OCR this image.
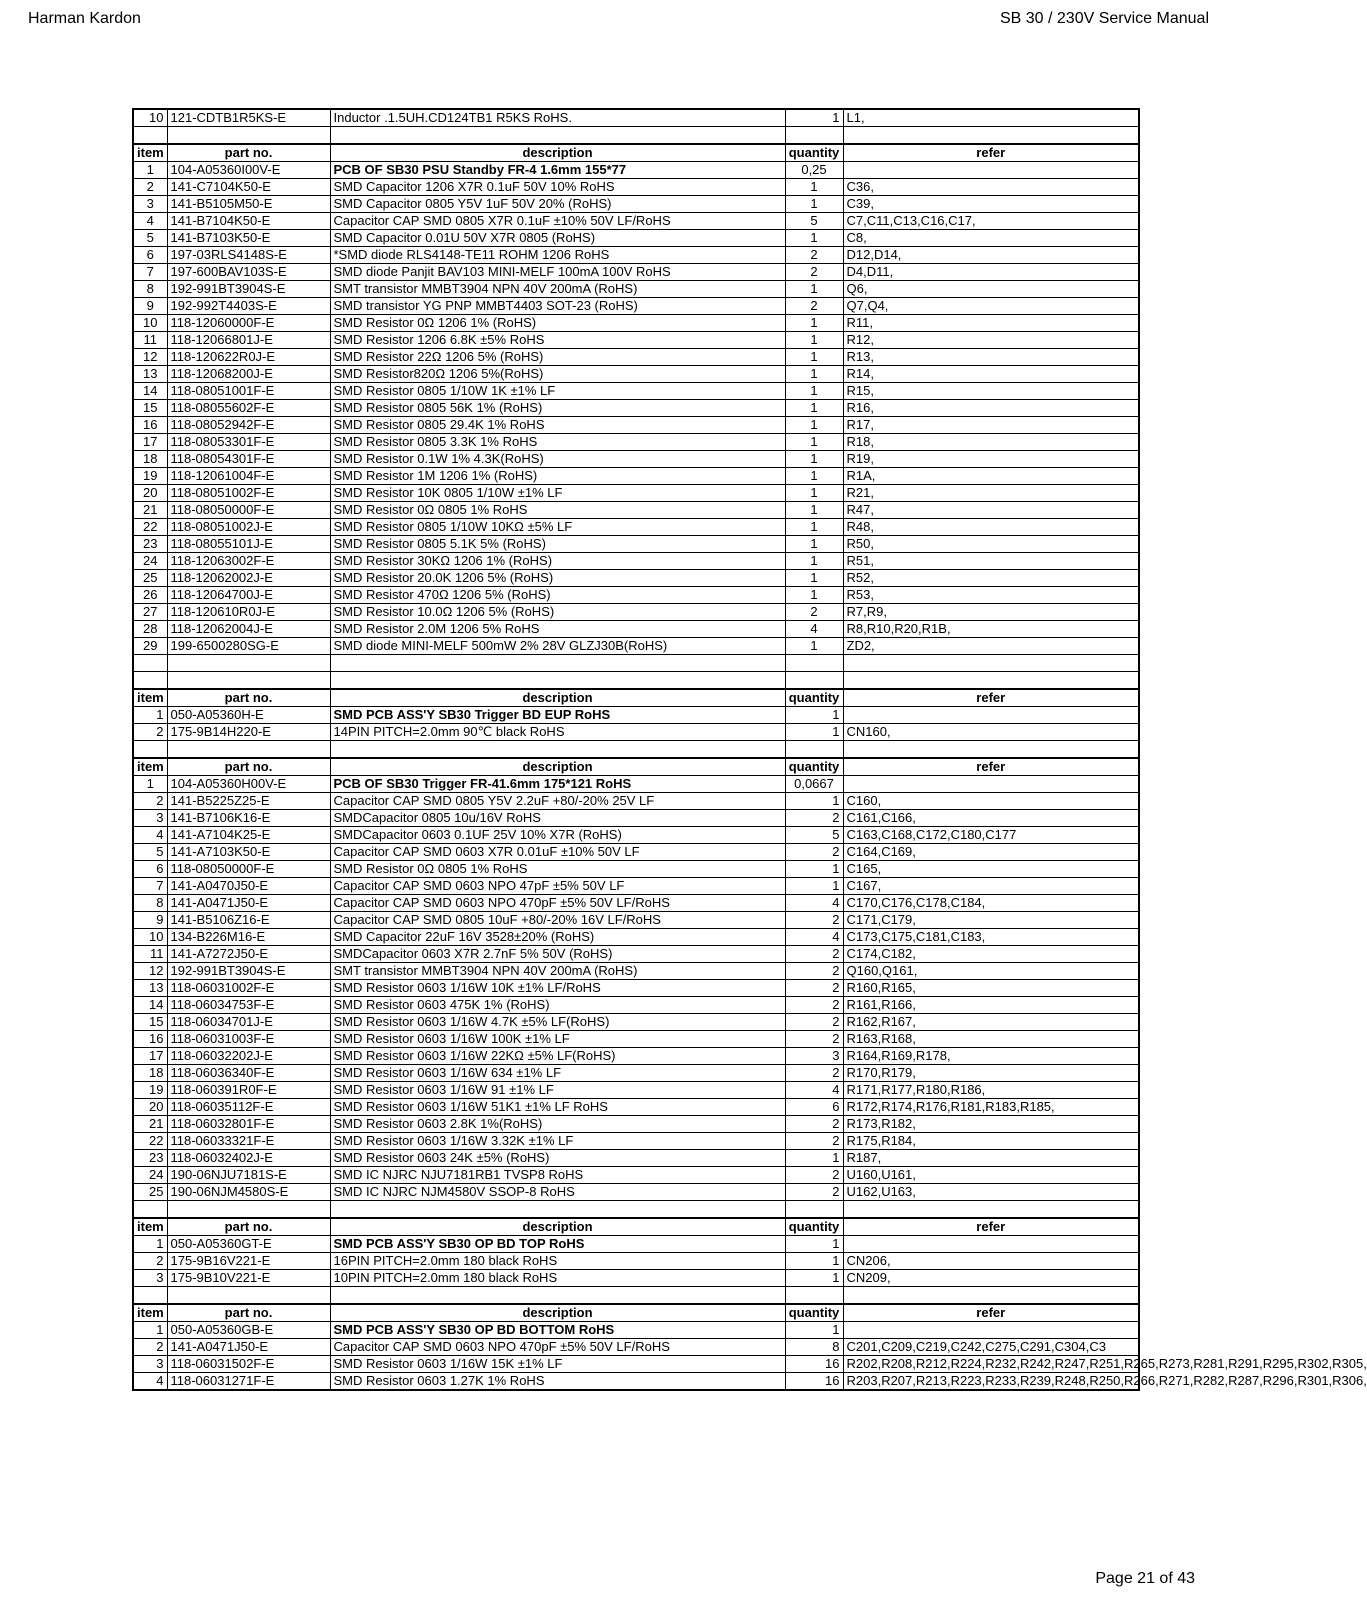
Harman Kardon	SB 30 / 230V Service Manual
10	121-CDTB1R5KS-E	Inductor .1.5UH.CD124TB1 R5KS RoHS.	1	L1,

item	part no.	description	quantity	refer
1	104-A05360I00V-E	PCB OF SB30 PSU Standby FR-4 1.6mm 155*77	0,25	
2	141-C7104K50-E	SMD Capacitor 1206 X7R 0.1uF 50V 10% RoHS	1	C36,
3	141-B5105M50-E	SMD Capacitor 0805 Y5V 1uF 50V 20% (RoHS)	1	C39,
4	141-B7104K50-E	Capacitor CAP SMD 0805 X7R 0.1uF ±10% 50V LF/RoHS	5	C7,C11,C13,C16,C17,
5	141-B7103K50-E	SMD Capacitor 0.01U 50V X7R 0805 (RoHS)	1	C8,
6	197-03RLS4148S-E	*SMD diode RLS4148-TE11 ROHM 1206 RoHS	2	D12,D14,
7	197-600BAV103S-E	SMD diode Panjit BAV103 MINI-MELF 100mA 100V RoHS	2	D4,D11,
8	192-991BT3904S-E	SMT transistor MMBT3904 NPN 40V 200mA (RoHS)	1	Q6,
9	192-992T4403S-E	SMD transistor YG PNP MMBT4403 SOT-23 (RoHS)	2	Q7,Q4,
10	118-12060000F-E	SMD Resistor 0Ω 1206 1% (RoHS)	1	R11,
11	118-12066801J-E	SMD Resistor 1206 6.8K ±5% RoHS	1	R12,
12	118-120622R0J-E	SMD Resistor 22Ω 1206 5% (RoHS)	1	R13,
13	118-12068200J-E	SMD Resistor820Ω 1206 5%(RoHS)	1	R14,
14	118-08051001F-E	SMD Resistor 0805 1/10W 1K ±1% LF	1	R15,
15	118-08055602F-E	SMD Resistor 0805 56K 1% (RoHS)	1	R16,
16	118-08052942F-E	SMD Resistor 0805 29.4K 1% RoHS	1	R17,
17	118-08053301F-E	SMD Resistor 0805 3.3K 1% RoHS	1	R18,
18	118-08054301F-E	SMD Resistor 0.1W 1% 4.3K(RoHS)	1	R19,
19	118-12061004F-E	SMD Resistor 1M 1206 1% (RoHS)	1	R1A,
20	118-08051002F-E	SMD Resistor 10K 0805 1/10W ±1% LF	1	R21,
21	118-08050000F-E	SMD Resistor 0Ω 0805 1% RoHS	1	R47,
22	118-08051002J-E	SMD Resistor 0805 1/10W 10KΩ ±5% LF	1	R48,
23	118-08055101J-E	SMD Resistor 0805 5.1K 5% (RoHS)	1	R50,
24	118-12063002F-E	SMD Resistor 30KΩ 1206 1% (RoHS)	1	R51,
25	118-12062002J-E	SMD Resistor 20.0K 1206 5% (RoHS)	1	R52,
26	118-12064700J-E	SMD Resistor 470Ω 1206 5% (RoHS)	1	R53,
27	118-120610R0J-E	SMD Resistor 10.0Ω 1206 5% (RoHS)	2	R7,R9,
28	118-12062004J-E	SMD Resistor 2.0M 1206 5% RoHS	4	R8,R10,R20,R1B,
29	199-6500280SG-E	SMD diode MINI-MELF 500mW 2% 28V GLZJ30B(RoHS)	1	ZD2,

item	part no.	description	quantity	refer
1	050-A05360H-E	SMD PCB ASS'Y SB30 Trigger BD EUP RoHS	1	
2	175-9B14H220-E	14PIN PITCH=2.0mm 90℃ black RoHS	1	CN160,

item	part no.	description	quantity	refer
1	104-A05360H00V-E	PCB OF SB30 Trigger FR-41.6mm 175*121 RoHS	0,0667	
2	141-B5225Z25-E	Capacitor CAP SMD 0805 Y5V 2.2uF +80/-20% 25V LF	1	C160,
3	141-B7106K16-E	SMDCapacitor 0805 10u/16V RoHS	2	C161,C166,
4	141-A7104K25-E	SMDCapacitor 0603 0.1UF 25V 10% X7R (RoHS)	5	C163,C168,C172,C180,C177
5	141-A7103K50-E	Capacitor CAP SMD 0603 X7R 0.01uF ±10% 50V LF	2	C164,C169,
6	118-08050000F-E	SMD Resistor 0Ω 0805 1% RoHS	1	C165,
7	141-A0470J50-E	Capacitor CAP SMD 0603 NPO 47pF ±5% 50V LF	1	C167,
8	141-A0471J50-E	Capacitor CAP SMD 0603 NPO 470pF ±5% 50V LF/RoHS	4	C170,C176,C178,C184,
9	141-B5106Z16-E	Capacitor CAP SMD 0805 10uF +80/-20% 16V LF/RoHS	2	C171,C179,
10	134-B226M16-E	SMD Capacitor 22uF 16V 3528±20% (RoHS)	4	C173,C175,C181,C183,
11	141-A7272J50-E	SMDCapacitor 0603 X7R 2.7nF 5% 50V (RoHS)	2	C174,C182,
12	192-991BT3904S-E	SMT transistor MMBT3904 NPN 40V 200mA (RoHS)	2	Q160,Q161,
13	118-06031002F-E	SMD Resistor 0603 1/16W 10K ±1% LF/RoHS	2	R160,R165,
14	118-06034753F-E	SMD Resistor 0603 475K 1% (RoHS)	2	R161,R166,
15	118-06034701J-E	SMD Resistor 0603 1/16W 4.7K ±5% LF(RoHS)	2	R162,R167,
16	118-06031003F-E	SMD Resistor 0603 1/16W 100K ±1% LF	2	R163,R168,
17	118-06032202J-E	SMD Resistor 0603 1/16W 22KΩ ±5% LF(RoHS)	3	R164,R169,R178,
18	118-06036340F-E	SMD Resistor 0603 1/16W 634 ±1% LF	2	R170,R179,
19	118-060391R0F-E	SMD Resistor 0603 1/16W 91 ±1% LF	4	R171,R177,R180,R186,
20	118-06035112F-E	SMD Resistor 0603 1/16W 51K1 ±1% LF RoHS	6	R172,R174,R176,R181,R183,R185,
21	118-06032801F-E	SMD Resistor 0603 2.8K 1%(RoHS)	2	R173,R182,
22	118-06033321F-E	SMD Resistor 0603 1/16W 3.32K ±1% LF	2	R175,R184,
23	118-06032402J-E	SMD Resistor 0603 24K ±5% (RoHS)	1	R187,
24	190-06NJU7181S-E	SMD IC NJRC NJU7181RB1 TVSP8 RoHS	2	U160,U161,
25	190-06NJM4580S-E	SMD IC NJRC NJM4580V SSOP-8 RoHS	2	U162,U163,

item	part no.	description	quantity	refer
1	050-A05360GT-E	SMD PCB ASS'Y SB30 OP BD TOP RoHS	1	
2	175-9B16V221-E	16PIN PITCH=2.0mm 180 black RoHS	1	CN206,
3	175-9B10V221-E	10PIN PITCH=2.0mm 180 black RoHS	1	CN209,

item	part no.	description	quantity	refer
1	050-A05360GB-E	SMD PCB ASS'Y SB30 OP BD BOTTOM RoHS	1	
2	141-A0471J50-E	Capacitor CAP SMD 0603 NPO 470pF ±5% 50V LF/RoHS	8	C201,C209,C219,C242,C275,C291,C304,C3
3	118-06031502F-E	SMD Resistor 0603 1/16W 15K ±1% LF	16	R202,R208,R212,R224,R232,R242,R247,R251,R265,R273,R281,R291,R295,R302,R305,
4	118-06031271F-E	SMD Resistor 0603 1.27K 1% RoHS	16	R203,R207,R213,R223,R233,R239,R248,R250,R266,R271,R282,R287,R296,R301,R306,
Page 21 of 43
